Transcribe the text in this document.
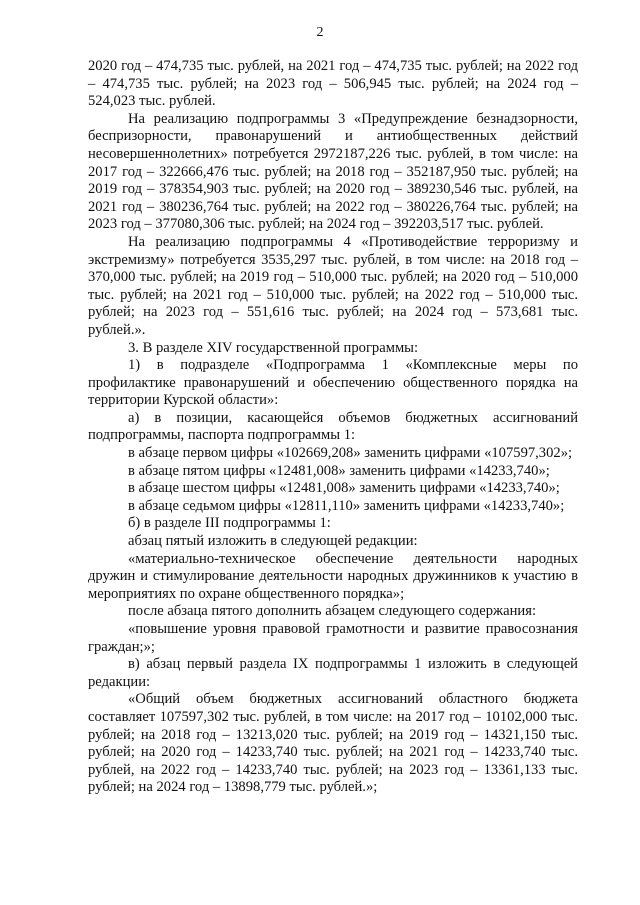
2

2020 год – 474,735 тыс. рублей, на 2021 год – 474,735 тыс. рублей; на 2022 год – 474,735 тыс. рублей; на 2023 год – 506,945 тыс. рублей; на 2024 год – 524,023 тыс. рублей.

На реализацию подпрограммы 3 «Предупреждение безнадзорности, беспризорности, правонарушений и антиобщественных действий несовершеннолетних» потребуется 2972187,226 тыс. рублей, в том числе: на 2017 год – 322666,476 тыс. рублей; на 2018 год – 352187,950 тыс. рублей; на 2019 год – 378354,903 тыс. рублей; на 2020 год – 389230,546 тыс. рублей, на 2021 год – 380236,764 тыс. рублей; на 2022 год – 380226,764 тыс. рублей; на 2023 год – 377080,306 тыс. рублей; на 2024 год – 392203,517 тыс. рублей.

На реализацию подпрограммы 4 «Противодействие терроризму и экстремизму» потребуется 3535,297 тыс. рублей, в том числе: на 2018 год – 370,000 тыс. рублей; на 2019 год – 510,000 тыс. рублей; на 2020 год – 510,000 тыс. рублей; на 2021 год – 510,000 тыс. рублей; на 2022 год – 510,000 тыс. рублей; на 2023 год – 551,616 тыс. рублей; на 2024 год – 573,681 тыс. рублей.».

3. В разделе XIV государственной программы:

1) в подразделе «Подпрограмма 1 «Комплексные меры по профилактике правонарушений и обеспечению общественного порядка на территории Курской области»:

а) в позиции, касающейся объемов бюджетных ассигнований подпрограммы, паспорта подпрограммы 1:

в абзаце первом цифры «102669,208» заменить цифрами «107597,302»;

в абзаце пятом цифры «12481,008» заменить цифрами «14233,740»;

в абзаце шестом цифры «12481,008» заменить цифрами «14233,740»;

в абзаце седьмом цифры «12811,110» заменить цифрами «14233,740»;

б) в разделе III подпрограммы 1:

абзац пятый изложить в следующей редакции:

«материально-техническое обеспечение деятельности народных дружин и стимулирование деятельности народных дружинников к участию в мероприятиях по охране общественного порядка»;

после абзаца пятого дополнить абзацем следующего содержания:

«повышение уровня правовой грамотности и развитие правосознания граждан;»;

в) абзац первый раздела IX подпрограммы 1 изложить в следующей редакции:

«Общий объем бюджетных ассигнований областного бюджета составляет 107597,302 тыс. рублей, в том числе: на 2017 год – 10102,000 тыс. рублей; на 2018 год – 13213,020 тыс. рублей; на 2019 год – 14321,150 тыс. рублей; на 2020 год – 14233,740 тыс. рублей; на 2021 год – 14233,740 тыс. рублей, на 2022 год – 14233,740 тыс. рублей; на 2023 год – 13361,133 тыс. рублей; на 2024 год – 13898,779 тыс. рублей.»;
